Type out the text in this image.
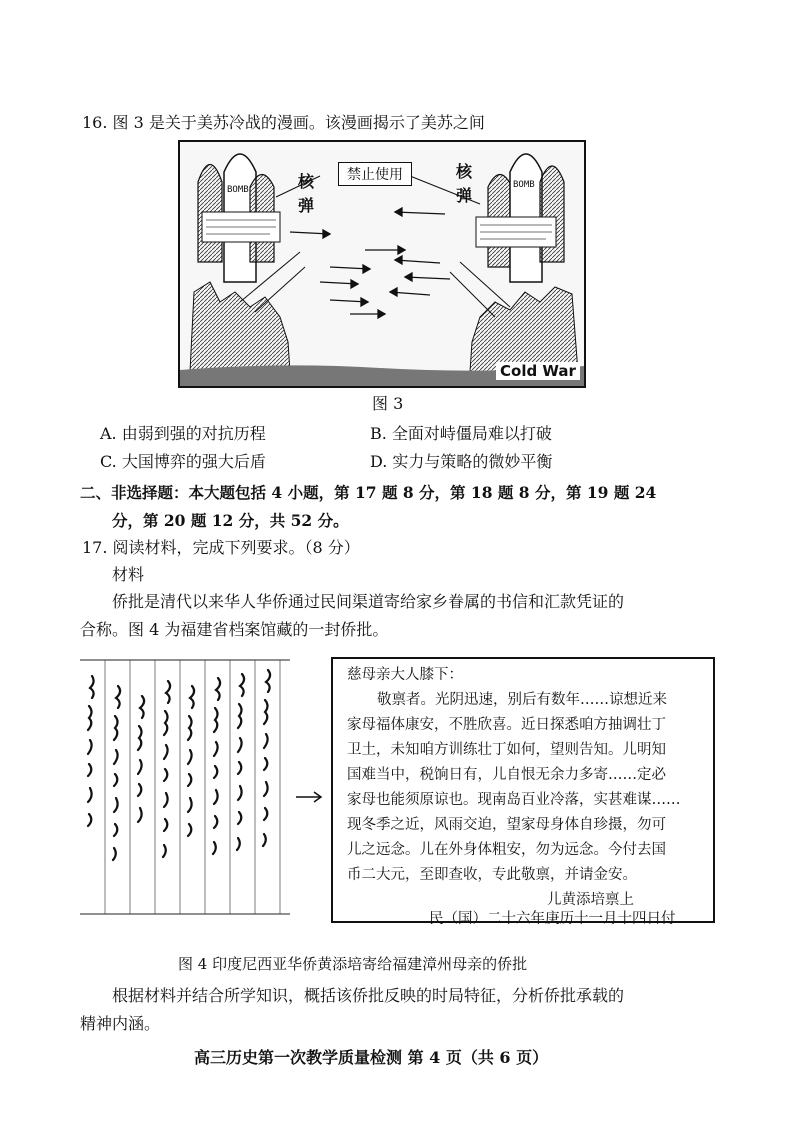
16. 图 3 是关于美苏冷战的漫画。该漫画揭示了美苏之间
BOMB	BOMB
核弹
核弹
禁止使用
Cold War
图 3
A. 由弱到强的对抗历程	B. 全面对峙僵局难以打破
C. 大国博弈的强大后盾	D. 实力与策略的微妙平衡
二、非选择题：本大题包括 4 小题，第 17 题 8 分，第 18 题 8 分，第 19 题 24
分，第 20 题 12 分，共 52 分。
17. 阅读材料，完成下列要求。（8 分）
材料
侨批是清代以来华人华侨通过民间渠道寄给家乡眷属的书信和汇款凭证的
合称。图 4 为福建省档案馆藏的一封侨批。
慈母亲大人膝下：
敬禀者。光阴迅速，别后有数年……谅想近来
家母福体康安，不胜欣喜。近日探悉咱方抽调壮丁
卫土，未知咱方训练壮丁如何，望则告知。儿明知
国难当中，税饷日有，儿自恨无余力多寄……定必
家母也能须原谅也。现南岛百业冷落，实甚难谋……
现冬季之近，风雨交迫，望家母身体自珍摄，勿可
儿之远念。儿在外身体粗安，勿为远念。今付去国
币二大元，至即查收，专此敬禀，并请金安。
儿黄添培禀上
民（国）二十六年庚历十一月十四日付
图 4 印度尼西亚华侨黄添培寄给福建漳州母亲的侨批
根据材料并结合所学知识，概括该侨批反映的时局特征，分析侨批承载的
精神内涵。
高三历史第一次教学质量检测 第 4 页（共 6 页）
